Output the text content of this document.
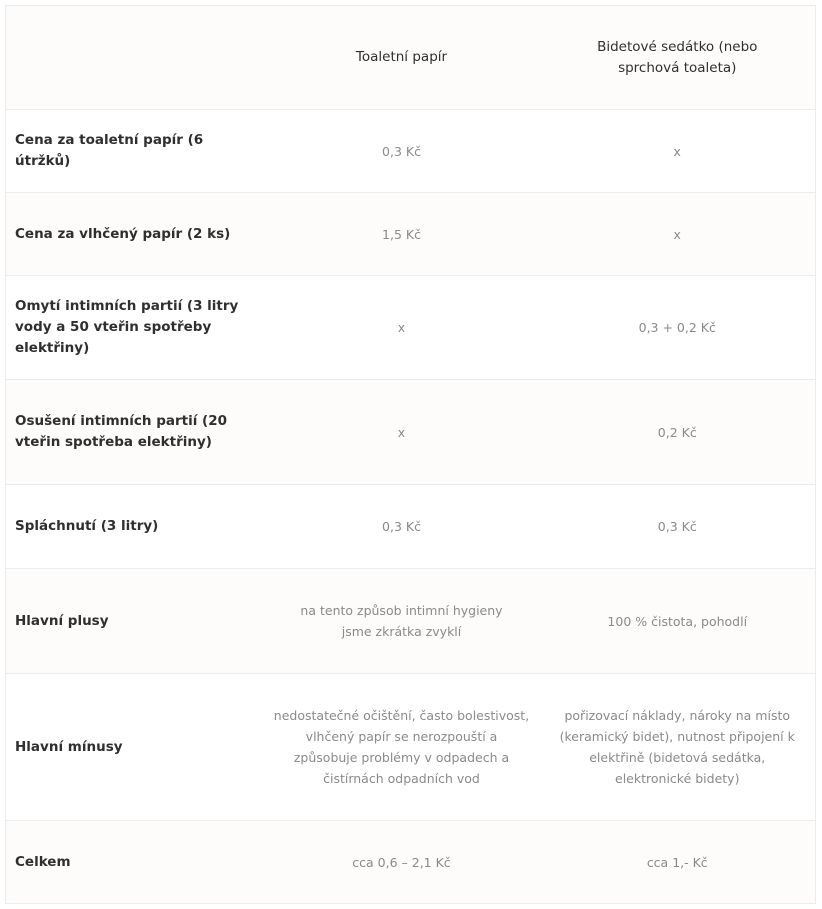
	Toaletní papír	Bidetové sedátko (nebo sprchová toaleta)
Cena za toaletní papír (6 útržků)	0,3 Kč	x
Cena za vlhčený papír (2 ks)	1,5 Kč	x
Omytí intimních partií (3 litry vody a 50 vteřin spotřeby elektřiny)	x	0,3 + 0,2 Kč
Osušení intimních partií (20 vteřin spotřeba elektřiny)	x	0,2 Kč
Spláchnutí (3 litry)	0,3 Kč	0,3 Kč
Hlavní plusy	na tento způsob intimní hygieny jsme zkrátka zvyklí	100 % čistota, pohodlí
Hlavní mínusy	nedostatečné očištění, často bolestivost, vlhčený papír se nerozpouští a způsobuje problémy v odpadech a čistírnách odpadních vod	pořizovací náklady, nároky na místo (keramický bidet), nutnost připojení k elektřině (bidetová sedátka, elektronické bidety)
Celkem	cca 0,6 – 2,1 Kč	cca 1,- Kč
